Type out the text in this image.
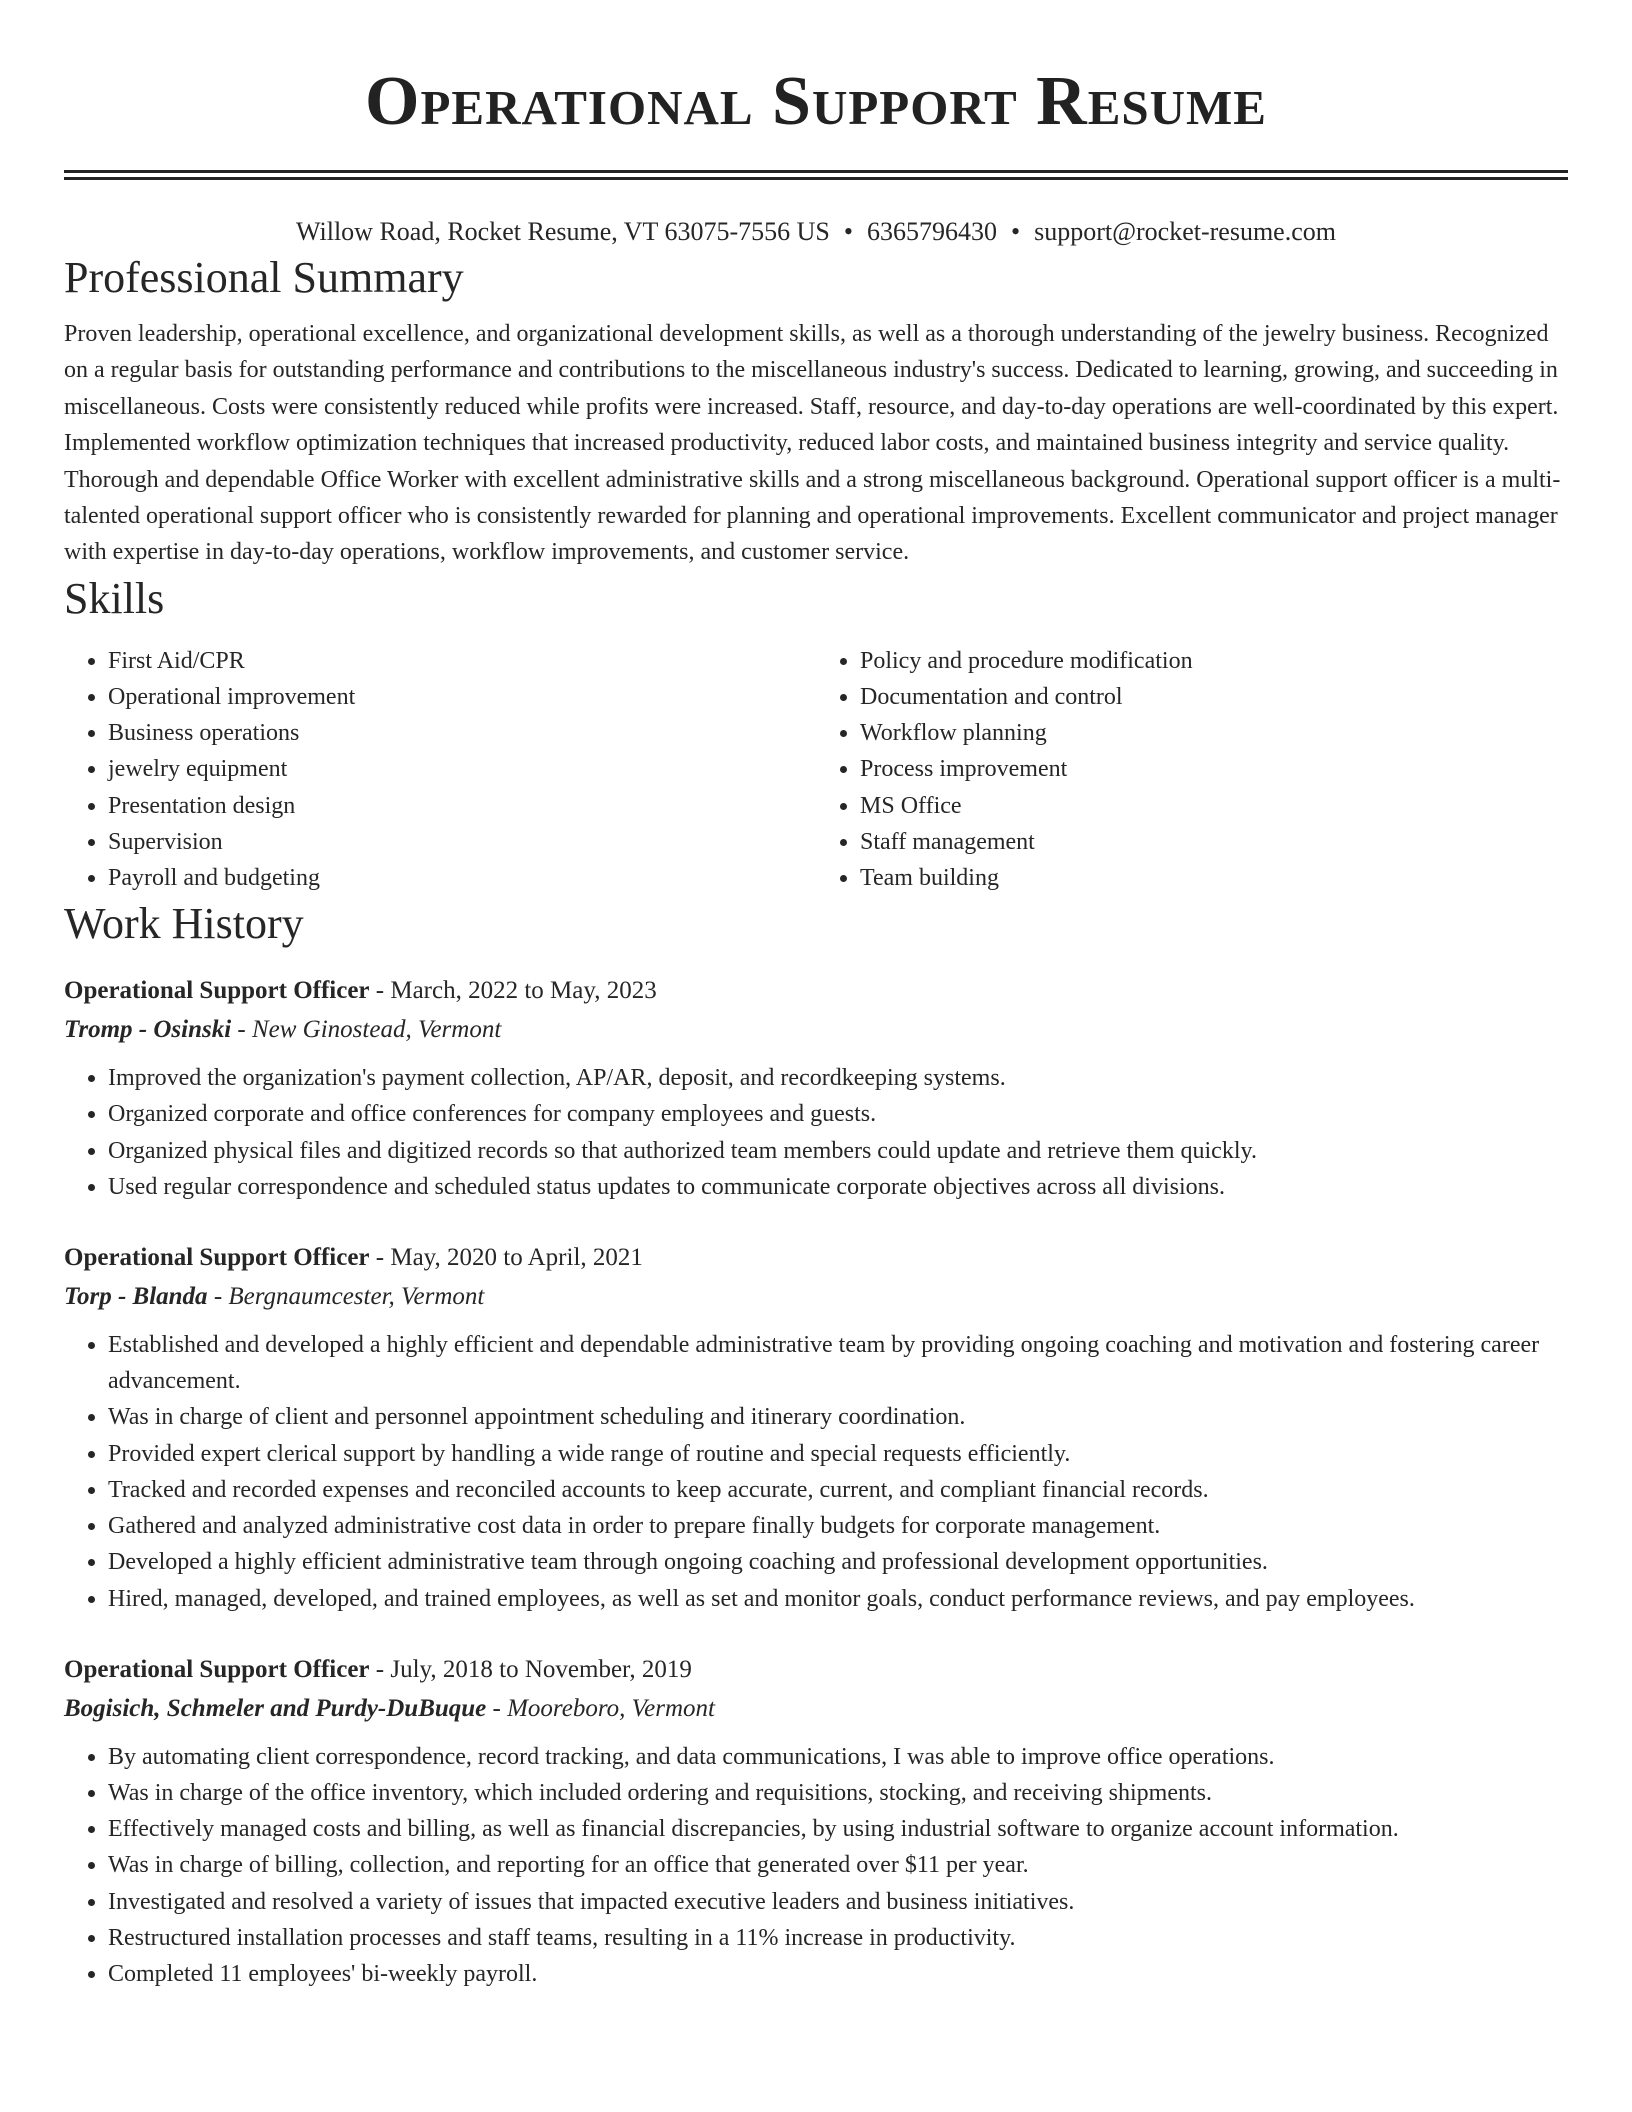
Operational Support Resume
Willow Road, Rocket Resume, VT 63075-7556 US • 6365796430 • support@rocket-resume.com
Professional Summary
Proven leadership, operational excellence, and organizational development skills, as well as a thorough understanding of the jewelry business. Recognized on a regular basis for outstanding performance and contributions to the miscellaneous industry's success. Dedicated to learning, growing, and succeeding in miscellaneous. Costs were consistently reduced while profits were increased. Staff, resource, and day-to-day operations are well-coordinated by this expert. Implemented workflow optimization techniques that increased productivity, reduced labor costs, and maintained business integrity and service quality. Thorough and dependable Office Worker with excellent administrative skills and a strong miscellaneous background. Operational support officer is a multi-talented operational support officer who is consistently rewarded for planning and operational improvements. Excellent communicator and project manager with expertise in day-to-day operations, workflow improvements, and customer service.
Skills
• First Aid/CPR
• Operational improvement
• Business operations
• jewelry equipment
• Presentation design
• Supervision
• Payroll and budgeting
• Policy and procedure modification
• Documentation and control
• Workflow planning
• Process improvement
• MS Office
• Staff management
• Team building
Work History
Operational Support Officer - March, 2022 to May, 2023
Tromp - Osinski - New Ginostead, Vermont
• Improved the organization's payment collection, AP/AR, deposit, and recordkeeping systems.
• Organized corporate and office conferences for company employees and guests.
• Organized physical files and digitized records so that authorized team members could update and retrieve them quickly.
• Used regular correspondence and scheduled status updates to communicate corporate objectives across all divisions.
Operational Support Officer - May, 2020 to April, 2021
Torp - Blanda - Bergnaumcester, Vermont
• Established and developed a highly efficient and dependable administrative team by providing ongoing coaching and motivation and fostering career advancement.
• Was in charge of client and personnel appointment scheduling and itinerary coordination.
• Provided expert clerical support by handling a wide range of routine and special requests efficiently.
• Tracked and recorded expenses and reconciled accounts to keep accurate, current, and compliant financial records.
• Gathered and analyzed administrative cost data in order to prepare finally budgets for corporate management.
• Developed a highly efficient administrative team through ongoing coaching and professional development opportunities.
• Hired, managed, developed, and trained employees, as well as set and monitor goals, conduct performance reviews, and pay employees.
Operational Support Officer - July, 2018 to November, 2019
Bogisich, Schmeler and Purdy-DuBuque - Mooreboro, Vermont
• By automating client correspondence, record tracking, and data communications, I was able to improve office operations.
• Was in charge of the office inventory, which included ordering and requisitions, stocking, and receiving shipments.
• Effectively managed costs and billing, as well as financial discrepancies, by using industrial software to organize account information.
• Was in charge of billing, collection, and reporting for an office that generated over $11 per year.
• Investigated and resolved a variety of issues that impacted executive leaders and business initiatives.
• Restructured installation processes and staff teams, resulting in a 11% increase in productivity.
• Completed 11 employees' bi-weekly payroll.
